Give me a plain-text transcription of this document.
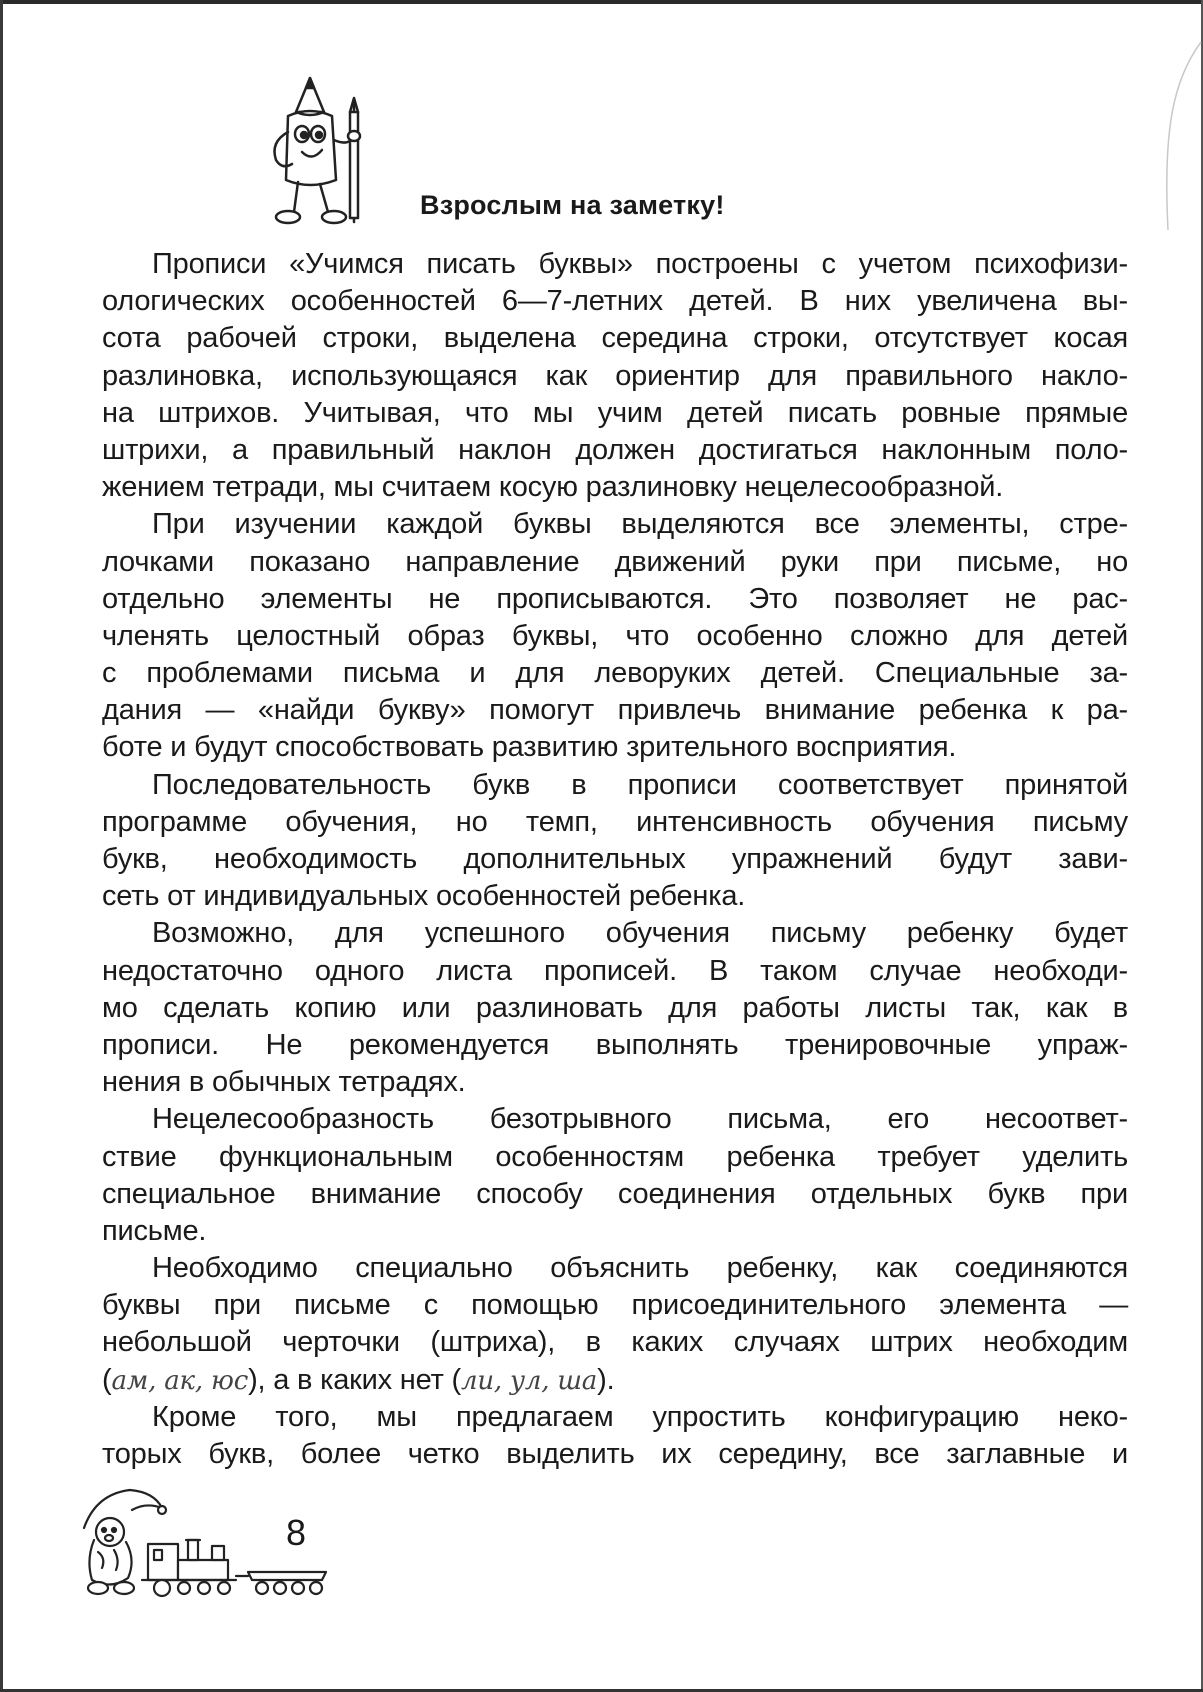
Взрослым на заметку!
Прописи «Учимся писать буквы» построены с учетом психофизи-
ологических особенностей 6—7-летних детей. В них увеличена вы-
сота рабочей строки, выделена середина строки, отсутствует косая
разлиновка, использующаяся как ориентир для правильного накло-
на штрихов. Учитывая, что мы учим детей писать ровные прямые
штрихи, а правильный наклон должен достигаться наклонным поло-
жением тетради, мы считаем косую разлиновку нецелесообразной.
При изучении каждой буквы выделяются все элементы, стре-
лочками показано направление движений руки при письме, но
отдельно элементы не прописываются. Это позволяет не рас-
членять целостный образ буквы, что особенно сложно для детей
с проблемами письма и для леворуких детей. Специальные за-
дания — «найди букву» помогут привлечь внимание ребенка к ра-
боте и будут способствовать развитию зрительного восприятия.
Последовательность букв в прописи соответствует принятой
программе обучения, но темп, интенсивность обучения письму
букв, необходимость дополнительных упражнений будут зави-
сеть от индивидуальных особенностей ребенка.
Возможно, для успешного обучения письму ребенку будет
недостаточно одного листа прописей. В таком случае необходи-
мо сделать копию или разлиновать для работы листы так, как в
прописи. Не рекомендуется выполнять тренировочные упраж-
нения в обычных тетрадях.
Нецелесообразность безотрывного письма, его несоответ-
ствие функциональным особенностям ребенка требует уделить
специальное внимание способу соединения отдельных букв при
письме.
Необходимо специально объяснить ребенку, как соединяются
буквы при письме с помощью присоединительного элемента —
небольшой черточки (штриха), в каких случаях штрих необходим
(ам, ак, юс), а в каких нет (ли, ул, ша).
Кроме того, мы предлагаем упростить конфигурацию неко-
торых букв, более четко выделить их середину, все заглавные и
8
